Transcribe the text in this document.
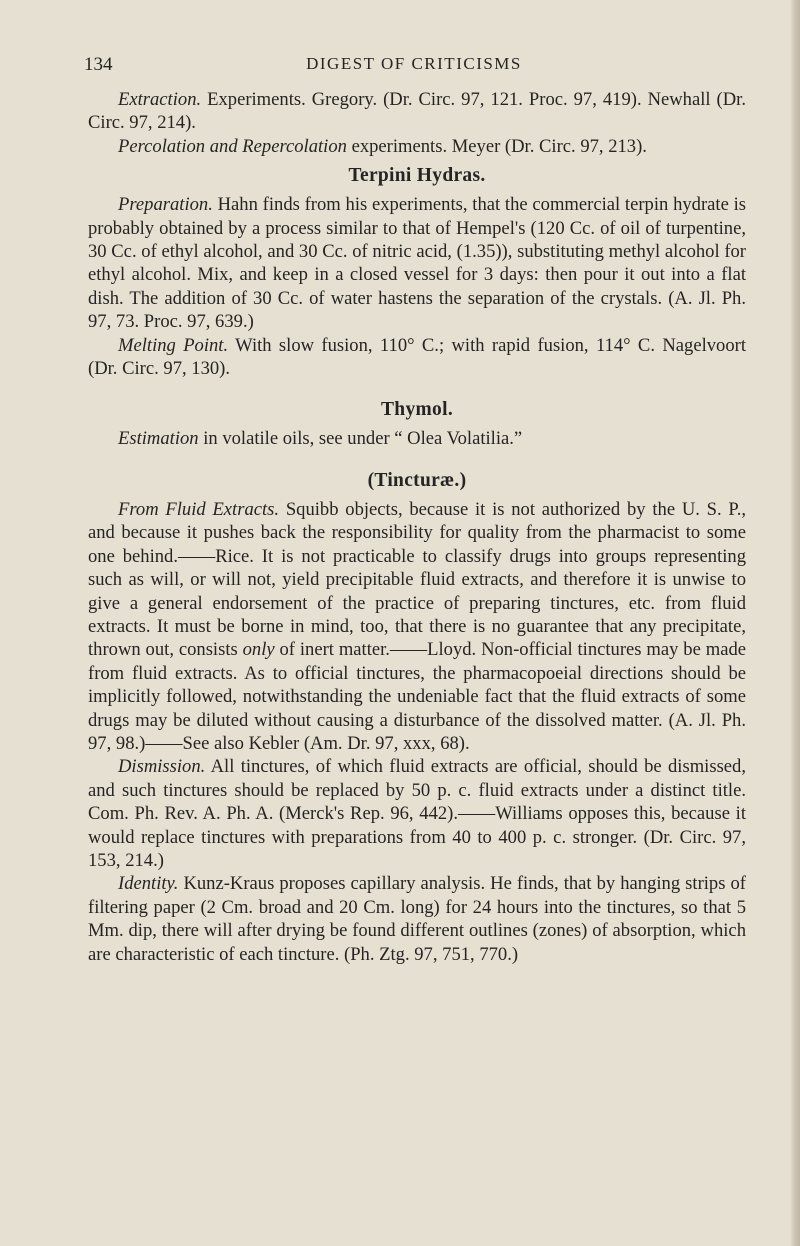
134	DIGEST OF CRITICISMS

Extraction. Experiments. Gregory. (Dr. Circ. 97, 121. Proc. 97, 419). Newhall (Dr. Circ. 97, 214).

Percolation and Repercolation experiments. Meyer (Dr. Circ. 97, 213).

Terpini Hydras.

Preparation. Hahn finds from his experiments, that the commercial terpin hydrate is probably obtained by a process similar to that of Hempel's (120 Cc. of oil of turpentine, 30 Cc. of ethyl alcohol, and 30 Cc. of nitric acid, (1.35)), substituting methyl alcohol for ethyl alcohol. Mix, and keep in a closed vessel for 3 days: then pour it out into a flat dish. The addition of 30 Cc. of water hastens the separation of the crystals. (A. Jl. Ph. 97, 73. Proc. 97, 639.)

Melting Point. With slow fusion, 110° C.; with rapid fusion, 114° C. Nagelvoort (Dr. Circ. 97, 130).

Thymol.

Estimation in volatile oils, see under “ Olea Volatilia.”

(Tincturæ.)

From Fluid Extracts. Squibb objects, because it is not authorized by the U. S. P., and because it pushes back the responsibility for quality from the pharmacist to some one behind.——Rice. It is not practicable to classify drugs into groups representing such as will, or will not, yield precipitable fluid extracts, and therefore it is unwise to give a general endorsement of the practice of preparing tinctures, etc. from fluid extracts. It must be borne in mind, too, that there is no guarantee that any precipitate, thrown out, consists only of inert matter.——Lloyd. Non-official tinctures may be made from fluid extracts. As to official tinctures, the pharmacopoeial directions should be implicitly followed, notwithstanding the undeniable fact that the fluid extracts of some drugs may be diluted without causing a disturbance of the dissolved matter. (A. Jl. Ph. 97, 98.)——See also Kebler (Am. Dr. 97, xxx, 68).

Dismission. All tinctures, of which fluid extracts are official, should be dismissed, and such tinctures should be replaced by 50 p. c. fluid extracts under a distinct title. Com. Ph. Rev. A. Ph. A. (Merck's Rep. 96, 442).——Williams opposes this, because it would replace tinctures with preparations from 40 to 400 p. c. stronger. (Dr. Circ. 97, 153, 214.)

Identity. Kunz-Kraus proposes capillary analysis. He finds, that by hanging strips of filtering paper (2 Cm. broad and 20 Cm. long) for 24 hours into the tinctures, so that 5 Mm. dip, there will after drying be found different outlines (zones) of absorption, which are characteristic of each tincture. (Ph. Ztg. 97, 751, 770.)
